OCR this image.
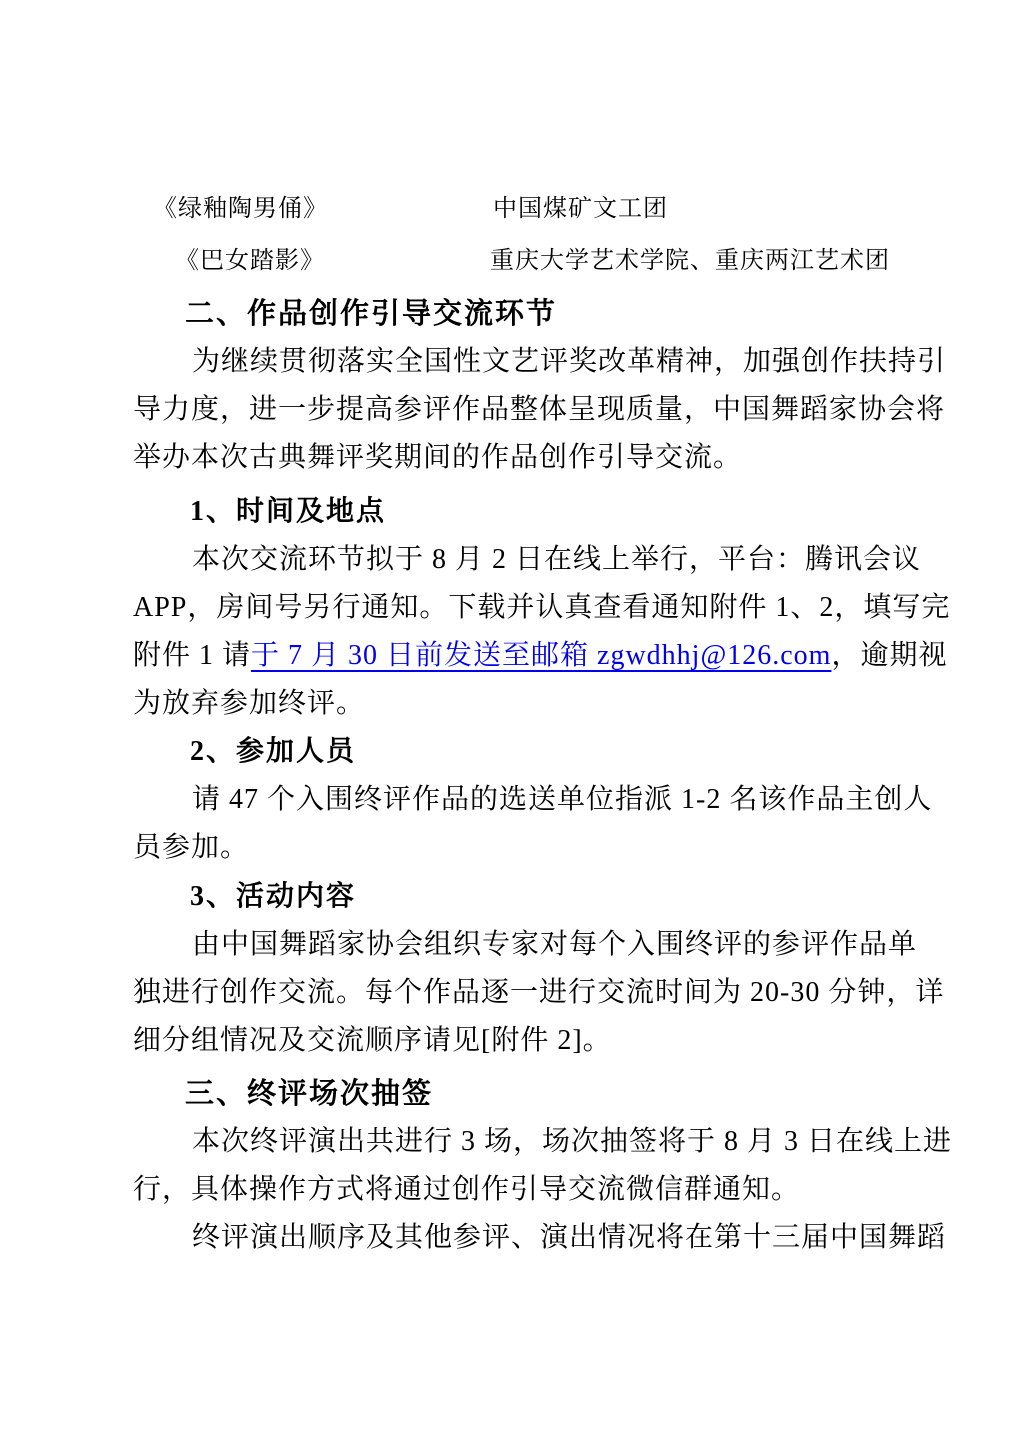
《绿釉陶男俑》	中国煤矿文工团
《巴女踏影》	重庆大学艺术学院、重庆两江艺术团
二、作品创作引导交流环节
为继续贯彻落实全国性文艺评奖改革精神，加强创作扶持引
导力度，进一步提高参评作品整体呈现质量，中国舞蹈家协会将
举办本次古典舞评奖期间的作品创作引导交流。
1、时间及地点
本次交流环节拟于 8 月 2 日在线上举行，平台：腾讯会议
APP，房间号另行通知。下载并认真查看通知附件 1、2，填写完
附件 1 请于 7 月 30 日前发送至邮箱 zgwdhhj@126.com，逾期视
为放弃参加终评。
2、参加人员
请 47 个入围终评作品的选送单位指派 1-2 名该作品主创人
员参加。
3、活动内容
由中国舞蹈家协会组织专家对每个入围终评的参评作品单
独进行创作交流。每个作品逐一进行交流时间为 20-30 分钟，详
细分组情况及交流顺序请见[附件 2]。
三、终评场次抽签
本次终评演出共进行 3 场，场次抽签将于 8 月 3 日在线上进
行，具体操作方式将通过创作引导交流微信群通知。
终评演出顺序及其他参评、演出情况将在第十三届中国舞蹈
